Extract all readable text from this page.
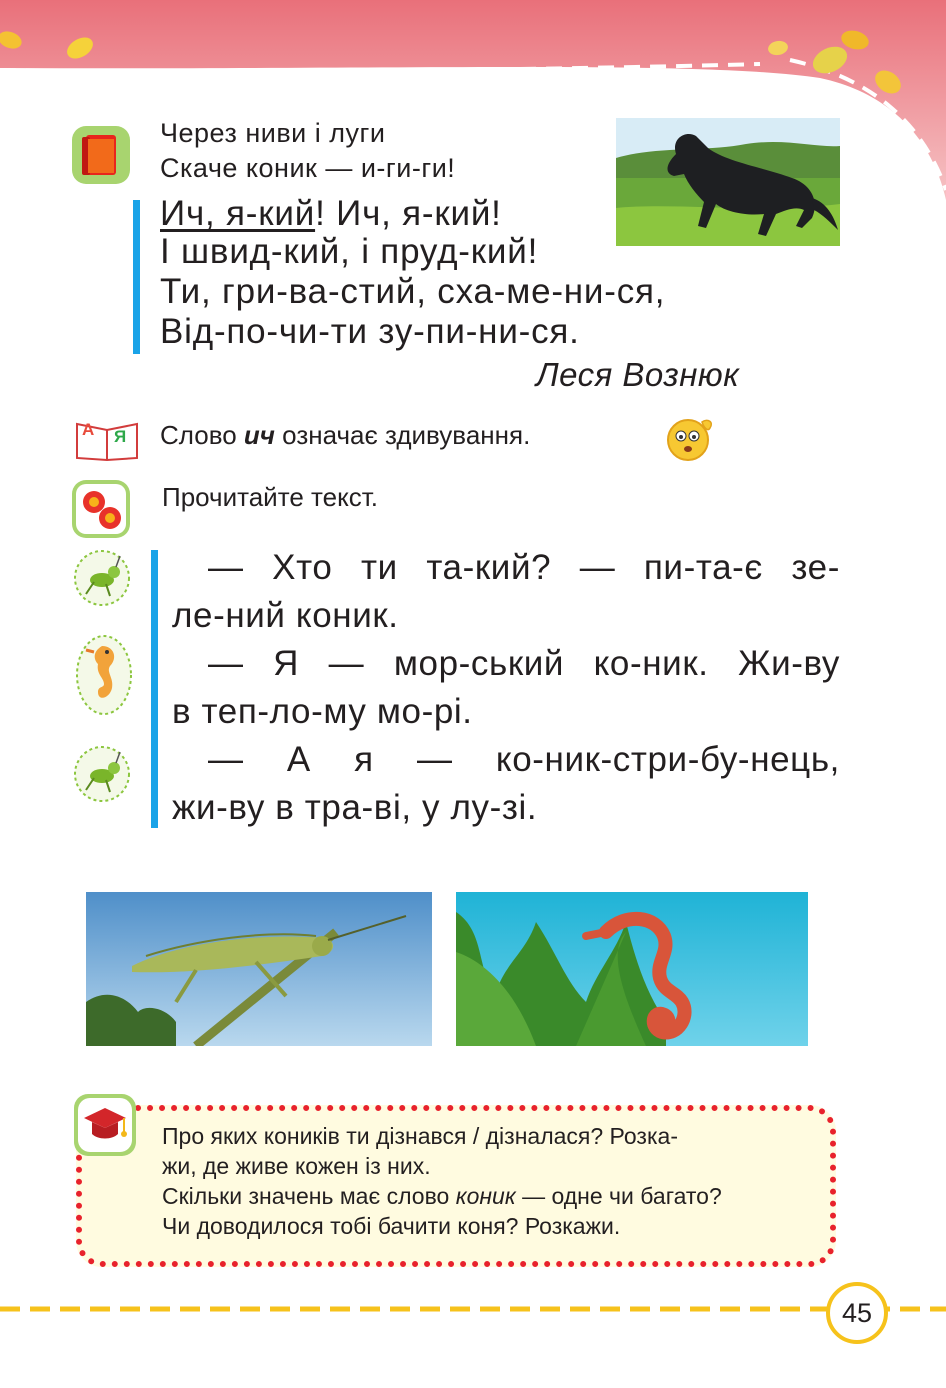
Через ниви і луги
Скаче коник — и-ги-ги!
Ич, я-кий! Ич, я-кий!
І швид-кий, і пруд-кий!
Ти, гри-ва-стий, сха-ме-ни-ся,
Від-по-чи-ти зу-пи-ни-ся.
Леся Вознюк
А Я Слово ич означає здивування.
Прочитайте текст.

— Хто ти та-кий? — пи-та-є зе-

ле-ний коник.

— Я — мор-ський ко-ник. Жи-ву

в теп-ло-му мо-рі.

— А я — ко-ник-стри-бу-нець,

жи-ву в тра-ві, у лу-зі.

Про яких коників ти дізнався / дізналася? Розка-
жи, де живе кожен із них.
Скільки значень має слово коник — одне чи багато?
Чи доводилося тобі бачити коня? Розкажи.
45
